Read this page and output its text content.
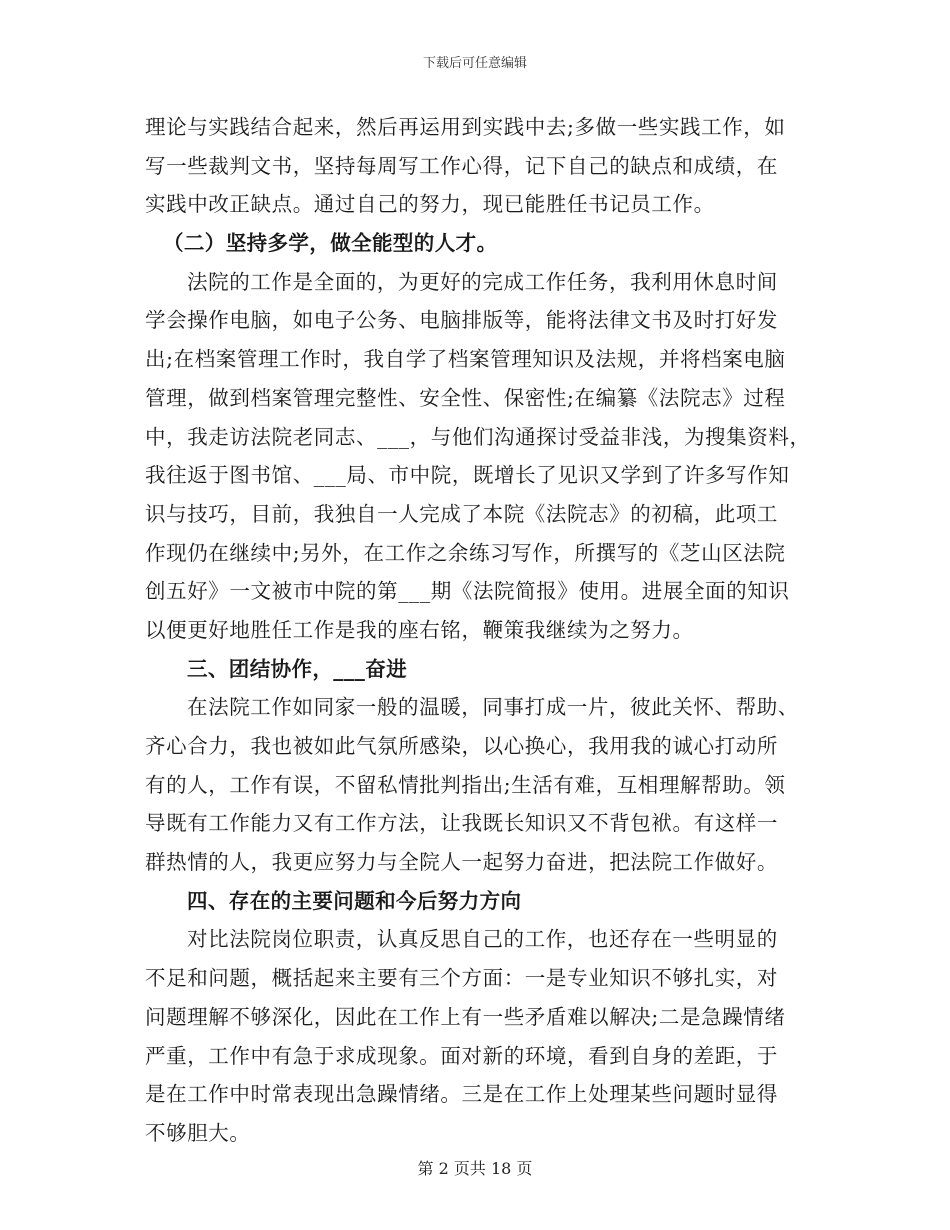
下载后可任意编辑
理论与实践结合起来，然后再运用到实践中去;多做一些实践工作，如
写一些裁判文书，坚持每周写工作心得，记下自己的缺点和成绩，在
实践中改正缺点。通过自己的努力，现已能胜任书记员工作。
（二）坚持多学，做全能型的人才。
法院的工作是全面的，为更好的完成工作任务，我利用休息时间
学会操作电脑，如电子公务、电脑排版等，能将法律文书及时打好发
出;在档案管理工作时，我自学了档案管理知识及法规，并将档案电脑
管理，做到档案管理完整性、安全性、保密性;在编纂《法院志》过程
中，我走访法院老同志、___，与他们沟通探讨受益非浅，为搜集资料，
我往返于图书馆、___局、市中院，既增长了见识又学到了许多写作知
识与技巧，目前，我独自一人完成了本院《法院志》的初稿，此项工
作现仍在继续中;另外，在工作之余练习写作，所撰写的《芝山区法院
创五好》一文被市中院的第___期《法院简报》使用。进展全面的知识
以便更好地胜任工作是我的座右铭，鞭策我继续为之努力。
三、团结协作，___奋进
在法院工作如同家一般的温暖，同事打成一片，彼此关怀、帮助、
齐心合力，我也被如此气氛所感染，以心换心，我用我的诚心打动所
有的人，工作有误，不留私情批判指出;生活有难，互相理解帮助。领
导既有工作能力又有工作方法，让我既长知识又不背包袱。有这样一
群热情的人，我更应努力与全院人一起努力奋进，把法院工作做好。
四、存在的主要问题和今后努力方向
对比法院岗位职责，认真反思自己的工作，也还存在一些明显的
不足和问题，概括起来主要有三个方面：一是专业知识不够扎实，对
问题理解不够深化，因此在工作上有一些矛盾难以解决;二是急躁情绪
严重，工作中有急于求成现象。面对新的环境，看到自身的差距，于
是在工作中时常表现出急躁情绪。三是在工作上处理某些问题时显得
不够胆大。
第 2 页共 18 页
